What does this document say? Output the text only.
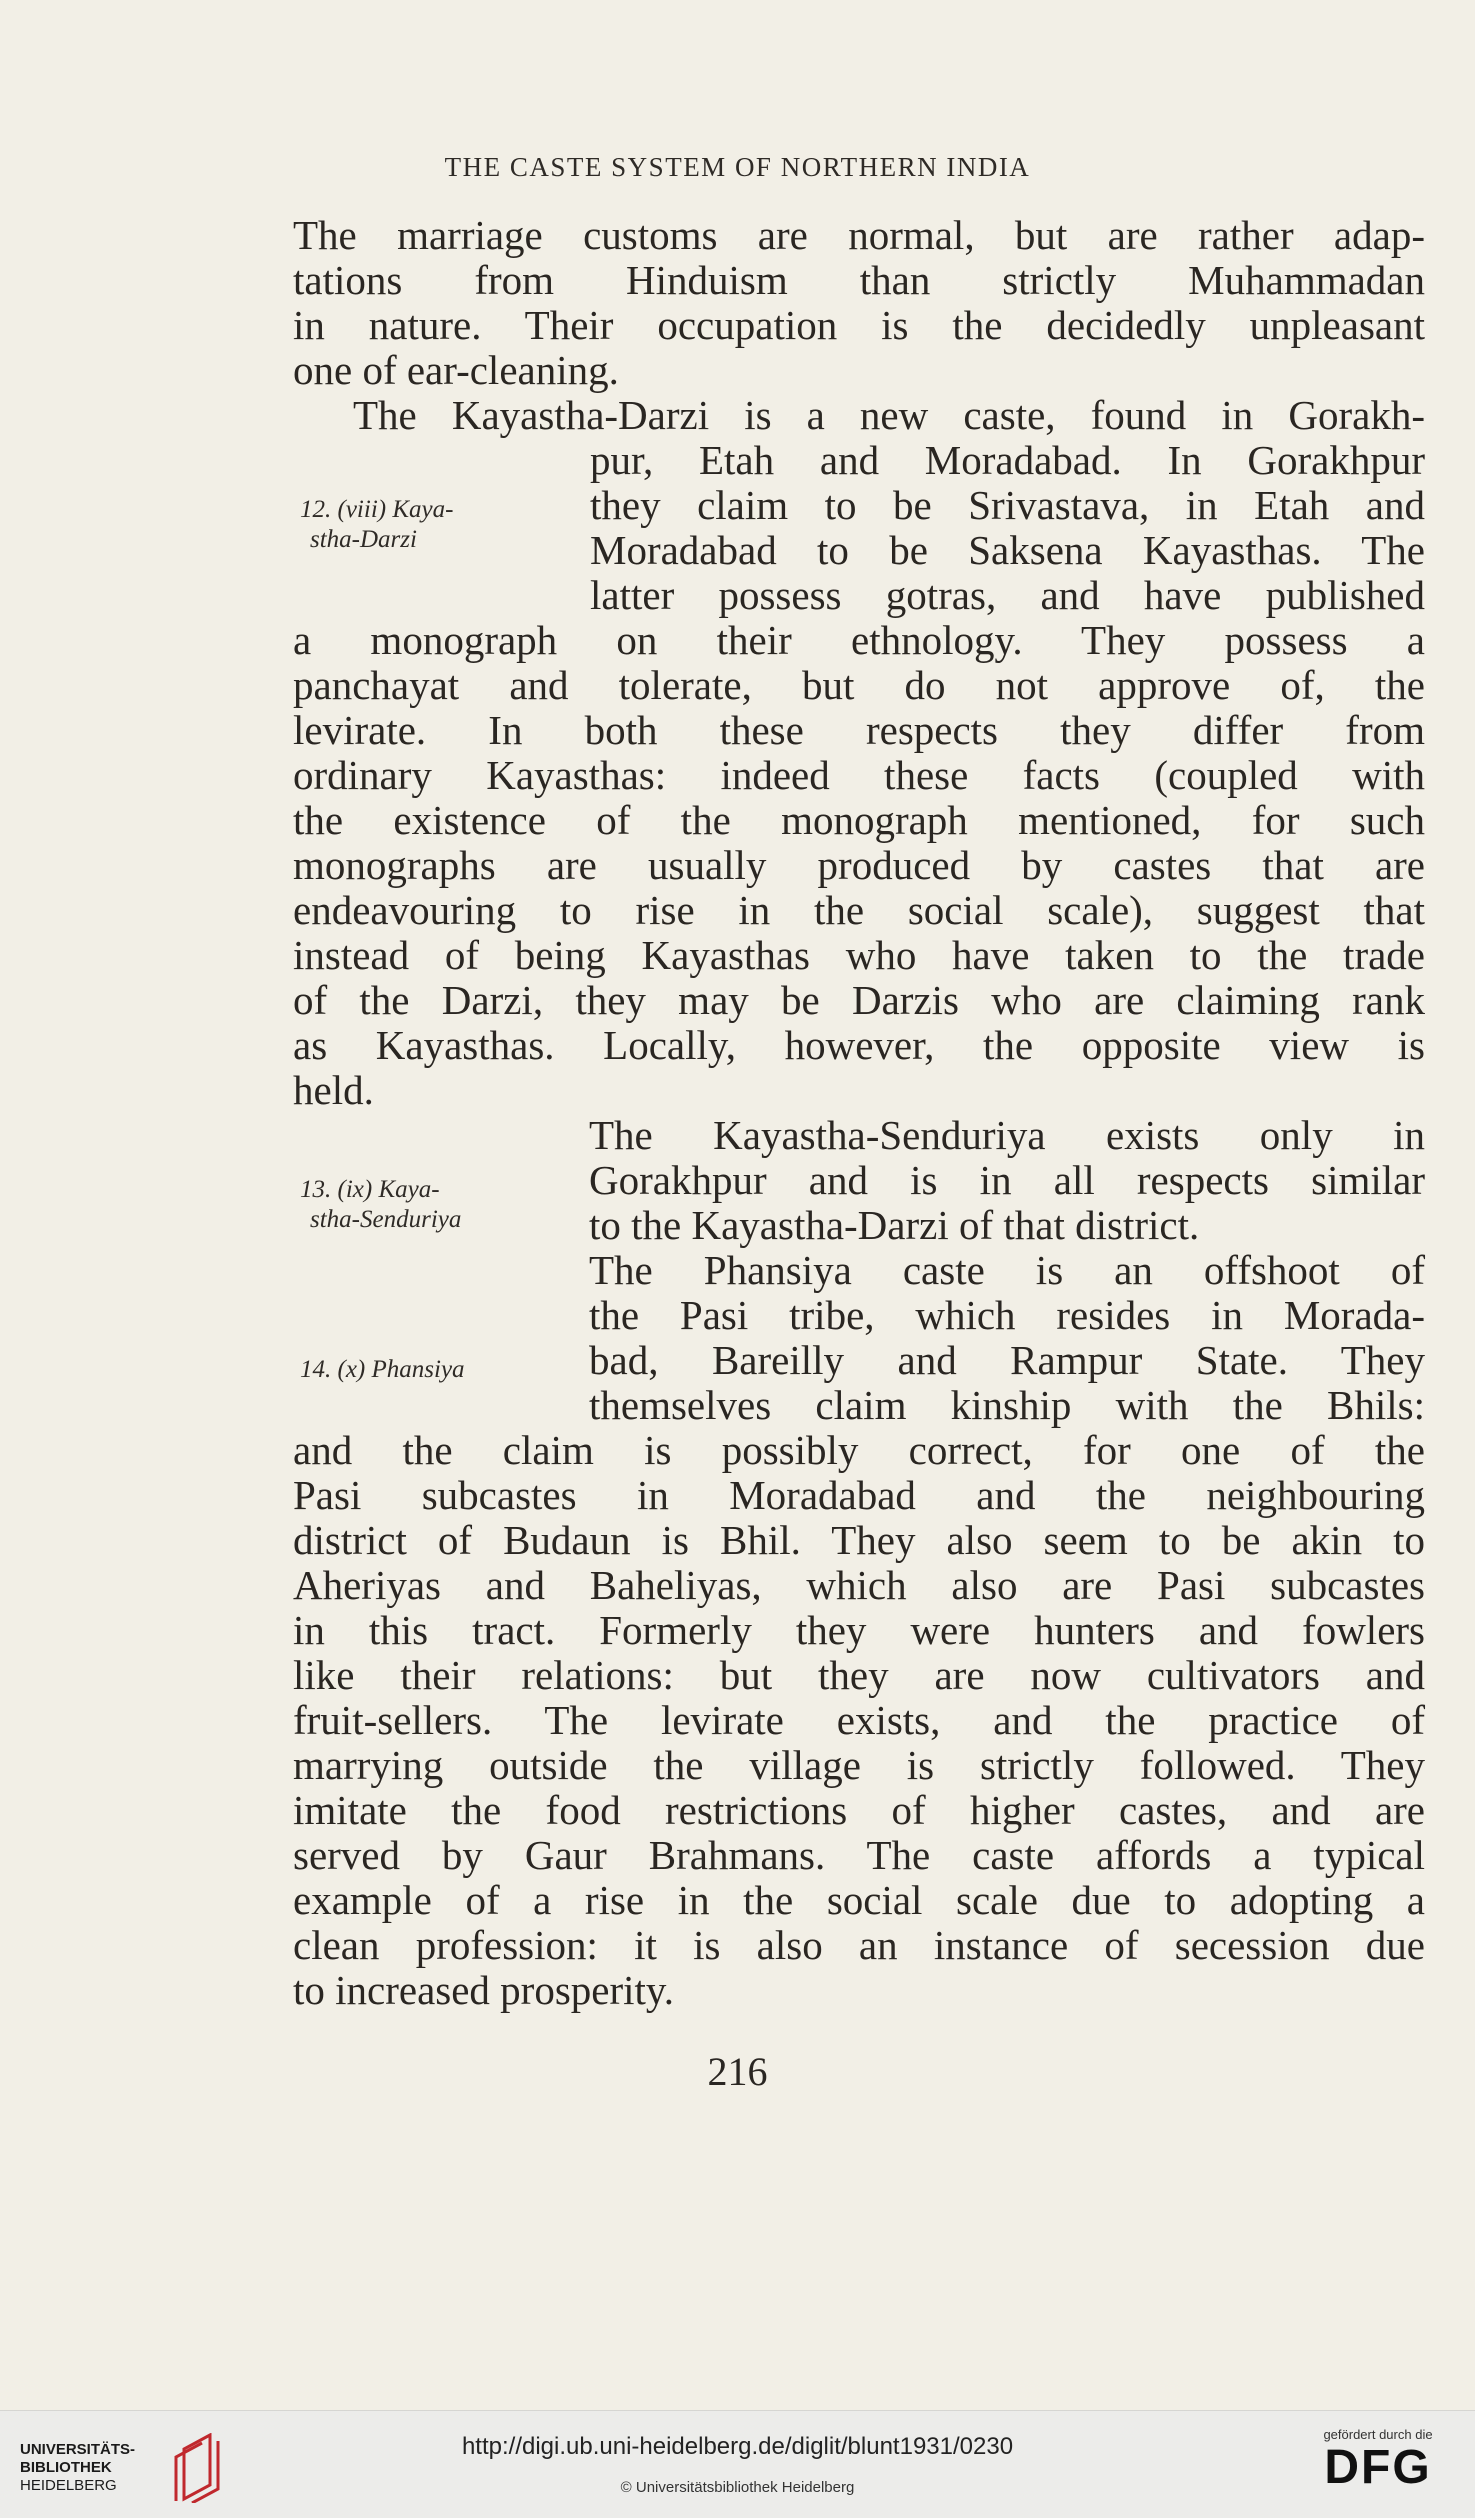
THE CASTE SYSTEM OF NORTHERN INDIA
The marriage customs are normal, but are rather adap-
tations from Hinduism than strictly Muhammadan
in nature. Their occupation is the decidedly unpleasant
one of ear-cleaning.
The Kayastha-Darzi is a new caste, found in Gorakh-
pur, Etah and Moradabad. In Gorakhpur
they claim to be Srivastava, in Etah and
Moradabad to be Saksena Kayasthas. The
latter possess gotras, and have published
a monograph on their ethnology. They possess a
panchayat and tolerate, but do not approve of, the
levirate. In both these respects they differ from
ordinary Kayasthas: indeed these facts (coupled with
the existence of the monograph mentioned, for such
monographs are usually produced by castes that are
endeavouring to rise in the social scale), suggest that
instead of being Kayasthas who have taken to the trade
of the Darzi, they may be Darzis who are claiming rank
as Kayasthas. Locally, however, the opposite view is
held.
The Kayastha-Senduriya exists only in
Gorakhpur and is in all respects similar
to the Kayastha-Darzi of that district.
The Phansiya caste is an offshoot of
the Pasi tribe, which resides in Morada-
bad, Bareilly and Rampur State. They
themselves claim kinship with the Bhils:
and the claim is possibly correct, for one of the
Pasi subcastes in Moradabad and the neighbouring
district of Budaun is Bhil. They also seem to be akin to
Aheriyas and Baheliyas, which also are Pasi subcastes
in this tract. Formerly they were hunters and fowlers
like their relations: but they are now cultivators and
fruit-sellers. The levirate exists, and the practice of
marrying outside the village is strictly followed. They
imitate the food restrictions of higher castes, and are
served by Gaur Brahmans. The caste affords a typical
example of a rise in the social scale due to adopting a
clean profession: it is also an instance of secession due
to increased prosperity.
12. (viii) Kaya-
stha-Darzi
13. (ix) Kaya-
stha-Senduriya
14. (x) Phansiya
216
UNIVERSITÄTS-
BIBLIOTHEK
HEIDELBERG
http://digi.ub.uni-heidelberg.de/diglit/blunt1931/0230
© Universitätsbibliothek Heidelberg
gefördert durch die
DFG
